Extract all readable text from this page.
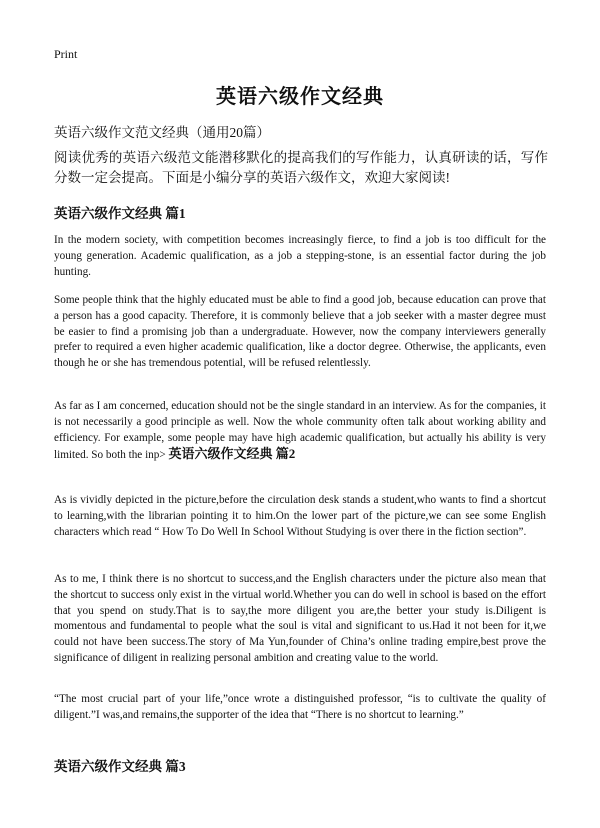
Print
英语六级作文经典
英语六级作文范文经典（通用20篇）
阅读优秀的英语六级范文能潜移默化的提高我们的写作能力，认真研读的话，写作分数一定会提高。下面是小编分享的英语六级作文，欢迎大家阅读!
英语六级作文经典 篇1
In the modern society, with competition becomes increasingly fierce, to find a job is too difficult for the young generation. Academic qualification, as a job a stepping-stone, is an essential factor during the job hunting.
Some people think that the highly educated must be able to find a good job, because education can prove that a person has a good capacity. Therefore, it is commonly believe that a job seeker with a master degree must be easier to find a promising job than a undergraduate. However, now the company interviewers generally prefer to required a even higher academic qualification, like a doctor degree. Otherwise, the applicants, even though he or she has tremendous potential, will be refused relentlessly.
As far as I am concerned, education should not be the single standard in an interview. As for the companies, it is not necessarily a good principle as well. Now the whole community often talk about working ability and efficiency. For example, some people may have high academic qualification, but actually his ability is very limited. So both the inp> 英语六级作文经典 篇2
As is vividly depicted in the picture,before the circulation desk stands a student,who wants to find a shortcut to learning,with the librarian pointing it to him.On the lower part of the picture,we can see some English characters which read “ How To Do Well In School Without Studying is over there in the fiction section”.
As to me, I think there is no shortcut to success,and the English characters under the picture also mean that the shortcut to success only exist in the virtual world.Whether you can do well in school is based on the effort that you spend on study.That is to say,the more diligent you are,the better your study is.Diligent is momentous and fundamental to people what the soul is vital and significant to us.Had it not been for it,we could not have been success.The story of Ma Yun,founder of China’s online trading empire,best prove the significance of diligent in realizing personal ambition and creating value to the world.
“The most crucial part of your life,”once wrote a distinguished professor, “is to cultivate the quality of diligent.”I was,and remains,the supporter of the idea that “There is no shortcut to learning.”
英语六级作文经典 篇3
